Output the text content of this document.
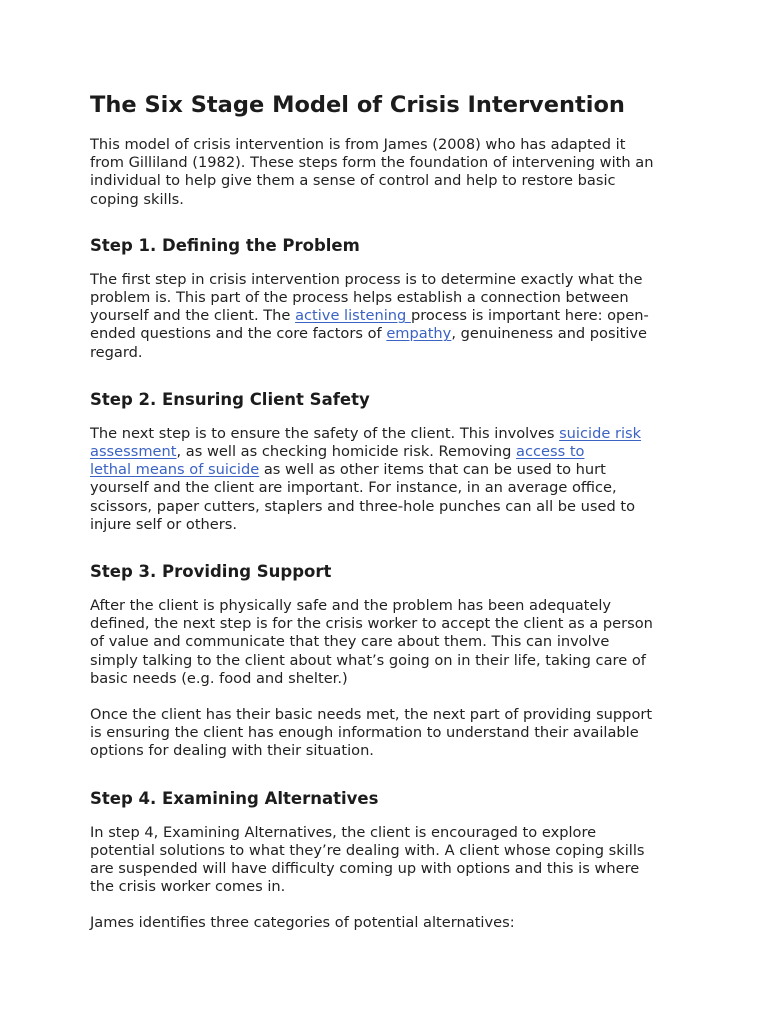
The Six Stage Model of Crisis Intervention

This model of crisis intervention is from James (2008) who has adapted it
from Gilliland (1982). These steps form the foundation of intervening with an
individual to help give them a sense of control and help to restore basic
coping skills.

Step 1. Defining the Problem

The first step in crisis intervention process is to determine exactly what the
problem is. This part of the process helps establish a connection between
yourself and the client. The active listening process is important here: open-
ended questions and the core factors of empathy, genuineness and positive
regard.

Step 2. Ensuring Client Safety

The next step is to ensure the safety of the client. This involves suicide risk
assessment, as well as checking homicide risk. Removing access to
lethal means of suicide as well as other items that can be used to hurt
yourself and the client are important. For instance, in an average office,
scissors, paper cutters, staplers and three-hole punches can all be used to
injure self or others.

Step 3. Providing Support

After the client is physically safe and the problem has been adequately
defined, the next step is for the crisis worker to accept the client as a person
of value and communicate that they care about them. This can involve
simply talking to the client about what’s going on in their life, taking care of
basic needs (e.g. food and shelter.)

Once the client has their basic needs met, the next part of providing support
is ensuring the client has enough information to understand their available
options for dealing with their situation.

Step 4. Examining Alternatives

In step 4, Examining Alternatives, the client is encouraged to explore
potential solutions to what they’re dealing with. A client whose coping skills
are suspended will have difficulty coming up with options and this is where
the crisis worker comes in.

James identifies three categories of potential alternatives:
